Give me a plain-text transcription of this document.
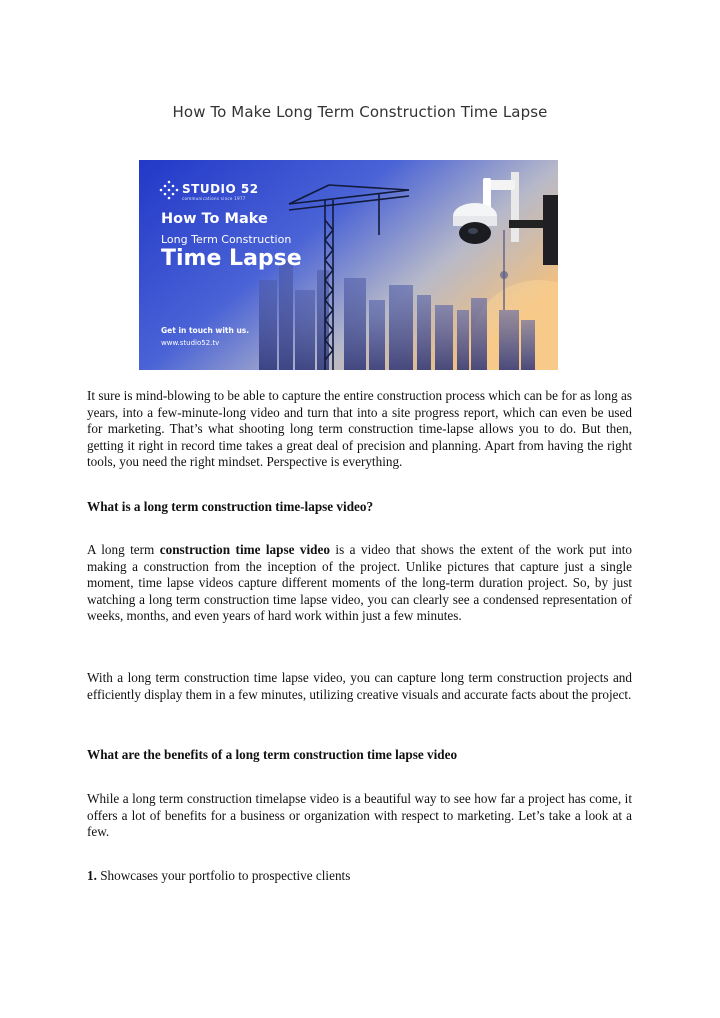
How To Make Long Term Construction Time Lapse
STUDIO 52
communications since 1977
How To Make
Long Term Construction
Time Lapse
Get in touch with us.
www.studio52.tv
It sure is mind-blowing to be able to capture the entire construction process which can be for as long as years, into a few-minute-long video and turn that into a site progress report, which can even be used for marketing. That’s what shooting long term construction time-lapse allows you to do. But then, getting it right in record time takes a great deal of precision and planning. Apart from having the right tools, you need the right mindset. Perspective is everything.
What is a long term construction time-lapse video?
A long term construction time lapse video is a video that shows the extent of the work put into making a construction from the inception of the project. Unlike pictures that capture just a single moment, time lapse videos capture different moments of the long-term duration project. So, by just watching a long term construction time lapse video, you can clearly see a condensed representation of weeks, months, and even years of hard work within just a few minutes.
With a long term construction time lapse video, you can capture long term construction projects and efficiently display them in a few minutes, utilizing creative visuals and accurate facts about the project.
What are the benefits of a long term construction time lapse video
While a long term construction timelapse video is a beautiful way to see how far a project has come, it offers a lot of benefits for a business or organization with respect to marketing. Let’s take a look at a few.
1. Showcases your portfolio to prospective clients
